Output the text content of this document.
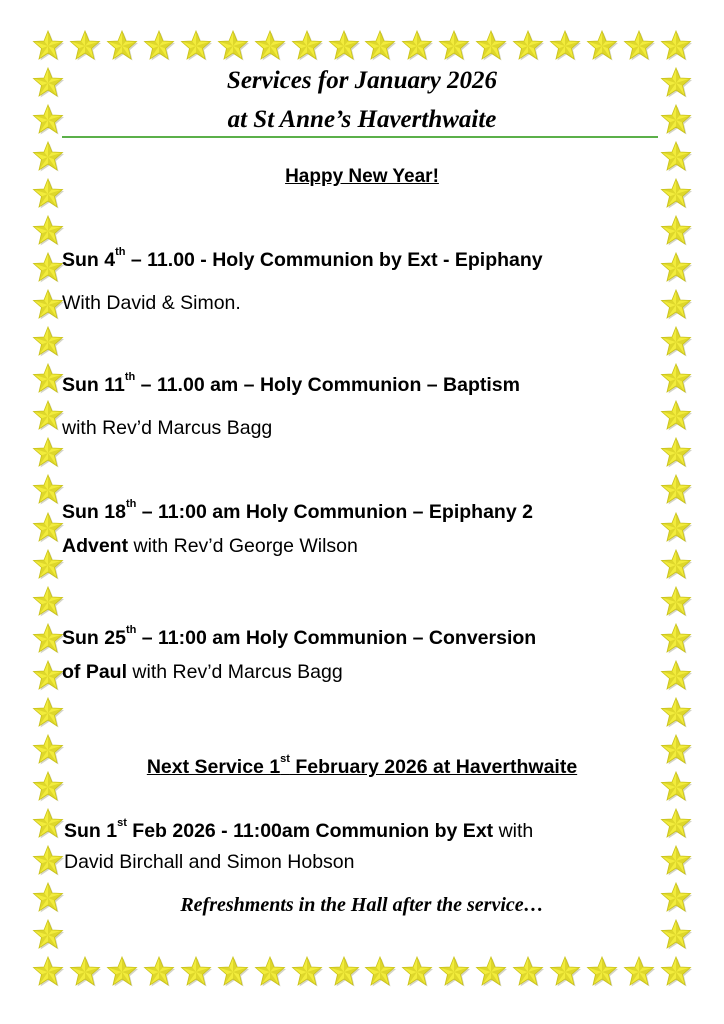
Services for January 2026
at St Anne’s Haverthwaite
Happy New Year!
Sun 4th – 11.00 - Holy Communion by Ext - Epiphany
With David & Simon.
Sun 11th – 11.00 am – Holy Communion – Baptism
with Rev’d Marcus Bagg
Sun 18th – 11:00 am Holy Communion – Epiphany 2
Advent with Rev’d George Wilson
Sun 25th – 11:00 am Holy Communion – Conversion
of Paul with Rev’d Marcus Bagg
Next Service 1st February 2026 at Haverthwaite
Sun 1st Feb 2026 - 11:00am Communion by Ext with
David Birchall and Simon Hobson
Refreshments in the Hall after the service…
